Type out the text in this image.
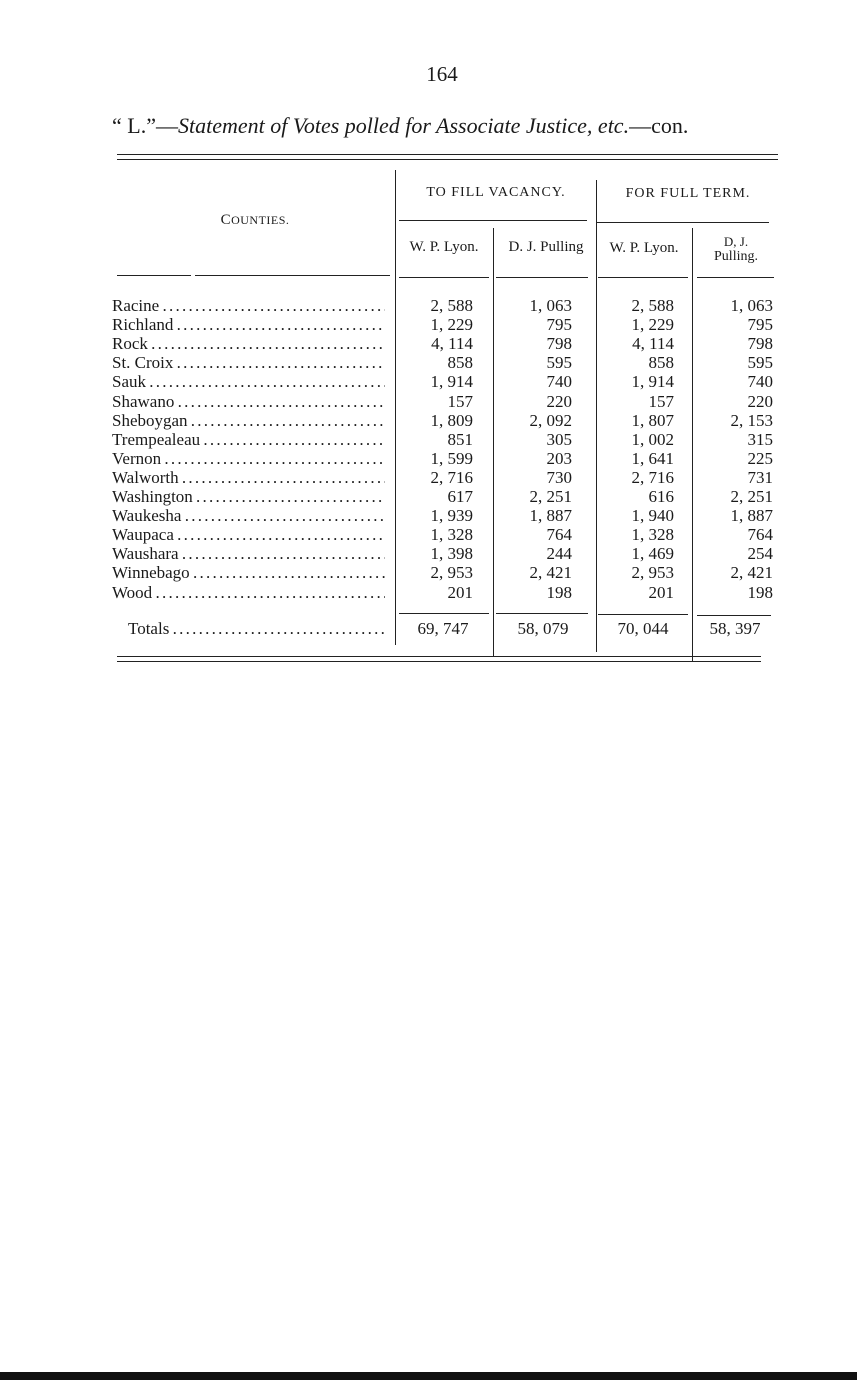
164
“ L.”—Statement of Votes polled for Associate Justice, etc.—con.
COUNTIES.
TO FILL VACANCY.	FOR FULL TERM.
W. P. Lyon.	D. J. Pulling	W. P. Lyon.	D, J.
Pulling.
Racine . . .	2, 588	1, 063	2, 588	1, 063
Richland . . .	1, 229	795	1, 229	795
Rock . . .	4, 114	798	4, 114	798
St. Croix . . .	858	595	858	595
Sauk . . .	1, 914	740	1, 914	740
Shawano . . .	157	220	157	220
Sheboygan . . .	1, 809	2, 092	1, 807	2, 153
Trempealeau . . .	851	305	1, 002	315
Vernon . . .	1, 599	203	1, 641	225
Walworth . . .	2, 716	730	2, 716	731
Washington . . .	617	2, 251	616	2, 251
Waukesha . . .	1, 939	1, 887	1, 940	1, 887
Waupaca . . .	1, 328	764	1, 328	764
Waushara . . .	1, 398	244	1, 469	254
Winnebago . . .	2, 953	2, 421	2, 953	2, 421
Wood . . .	201	198	201	198
Totals . . .	69, 747	58, 079	70, 044	58, 397
